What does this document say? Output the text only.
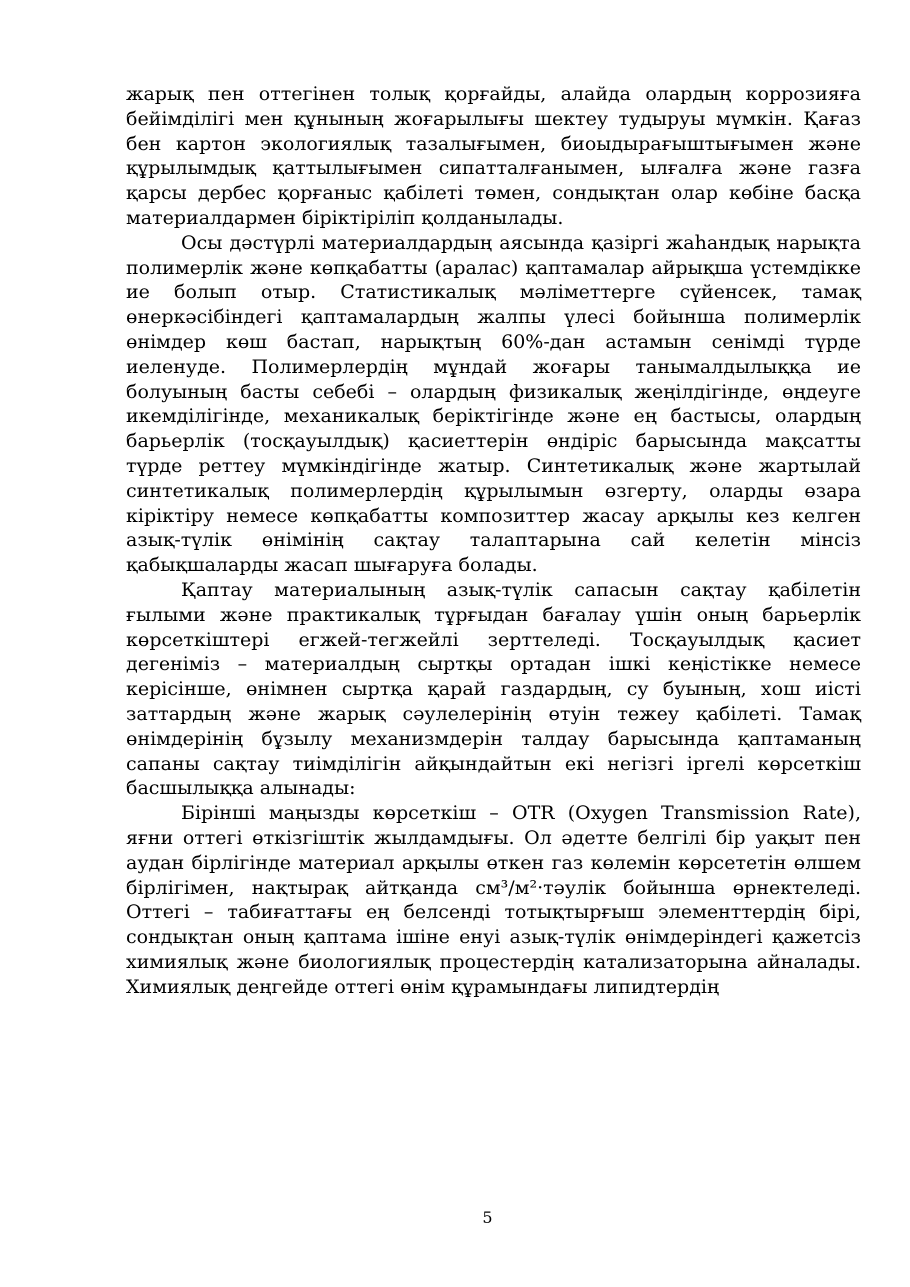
жарық пен оттегінен толық қорғайды, алайда олардың коррозияға бейімділігі мен құнының жоғарылығы шектеу тудыруы мүмкін. Қағаз бен картон экологиялық тазалығымен, биоыдырағыштығымен және құрылымдық қаттылығымен сипатталғанымен, ылғалға және газға қарсы дербес қорғаныс қабілеті төмен, сондықтан олар көбіне басқа материалдармен біріктіріліп қолданылады.

Осы дәстүрлі материалдардың аясында қазіргі жаһандық нарықта полимерлік және көпқабатты (аралас) қаптамалар айрықша үстемдікке ие болып отыр. Статистикалық мәліметтерге сүйенсек, тамақ өнеркәсібіндегі қаптамалардың жалпы үлесі бойынша полимерлік өнімдер көш бастап, нарықтың 60%-дан астамын сенімді түрде иеленуде. Полимерлердің мұндай жоғары танымалдылыққа ие болуының басты себебі – олардың физикалық жеңілдігінде, өңдеуге икемділігінде, механикалық беріктігінде және ең бастысы, олардың барьерлік (тосқауылдық) қасиеттерін өндіріс барысында мақсатты түрде реттеу мүмкіндігінде жатыр. Синтетикалық және жартылай синтетикалық полимерлердің құрылымын өзгерту, оларды өзара кіріктіру немесе көпқабатты композиттер жасау арқылы кез келген азық-түлік өнімінің сақтау талаптарына сай келетін мінсіз қабықшаларды жасап шығаруға болады.

Қаптау материалының азық-түлік сапасын сақтау қабілетін ғылыми және практикалық тұрғыдан бағалау үшін оның барьерлік көрсеткіштері егжей-тегжейлі зерттеледі. Тосқауылдық қасиет дегеніміз – материалдың сыртқы ортадан ішкі кеңістікке немесе керісінше, өнімнен сыртқа қарай газдардың, су буының, хош иісті заттардың және жарық сәулелерінің өтуін тежеу қабілеті. Тамақ өнімдерінің бұзылу механизмдерін талдау барысында қаптаманың сапаны сақтау тиімділігін айқындайтын екі негізгі іргелі көрсеткіш басшылыққа алынады:

Бірінші маңызды көрсеткіш – OTR (Oxygen Transmission Rate), яғни оттегі өткізгіштік жылдамдығы. Ол әдетте белгілі бір уақыт пен аудан бірлігінде материал арқылы өткен газ көлемін көрсететін өлшем бірлігімен, нақтырақ айтқанда см³/м²·тәулік бойынша өрнектеледі. Оттегі – табиғаттағы ең белсенді тотықтырғыш элементтердің бірі, сондықтан оның қаптама ішіне енуі азық-түлік өнімдеріндегі қажетсіз химиялық және биологиялық процестердің катализаторына айналады. Химиялық деңгейде оттегі өнім құрамындағы липидтердің

5
